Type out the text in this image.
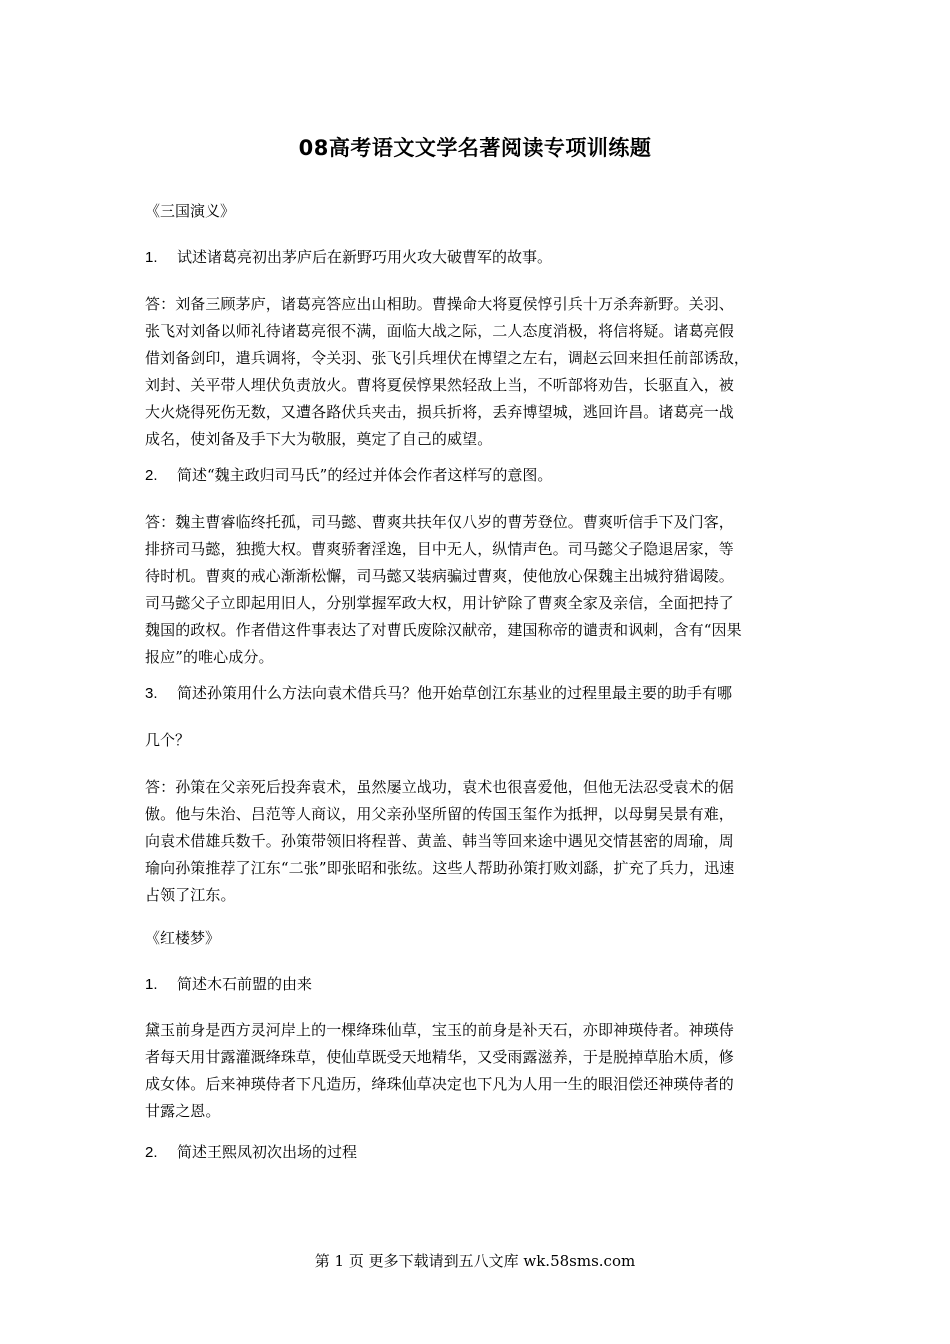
08高考语文文学名著阅读专项训练题
《三国演义》
1. 试述诸葛亮初出茅庐后在新野巧用火攻大破曹军的故事。
答：刘备三顾茅庐，诸葛亮答应出山相助。曹操命大将夏侯惇引兵十万杀奔新野。关羽、
张飞对刘备以师礼待诸葛亮很不满，面临大战之际，二人态度消极，将信将疑。诸葛亮假
借刘备剑印，遣兵调将，令关羽、张飞引兵埋伏在博望之左右，调赵云回来担任前部诱敌，
刘封、关平带人埋伏负责放火。曹将夏侯惇果然轻敌上当，不听部将劝告，长驱直入，被
大火烧得死伤无数，又遭各路伏兵夹击，损兵折将，丢弃博望城，逃回许昌。诸葛亮一战
成名，使刘备及手下大为敬服，奠定了自己的威望。
2. 简述“魏主政归司马氏”的经过并体会作者这样写的意图。
答：魏主曹睿临终托孤，司马懿、曹爽共扶年仅八岁的曹芳登位。曹爽听信手下及门客，
排挤司马懿，独揽大权。曹爽骄奢淫逸，目中无人，纵情声色。司马懿父子隐退居家，等
待时机。曹爽的戒心渐渐松懈，司马懿又装病骗过曹爽，使他放心保魏主出城狩猎谒陵。
司马懿父子立即起用旧人，分别掌握军政大权，用计铲除了曹爽全家及亲信，全面把持了
魏国的政权。作者借这件事表达了对曹氏废除汉献帝，建国称帝的谴责和讽刺，含有“因果
报应”的唯心成分。
3. 简述孙策用什么方法向袁术借兵马？他开始草创江东基业的过程里最主要的助手有哪
几个？
答：孙策在父亲死后投奔袁术，虽然屡立战功，袁术也很喜爱他，但他无法忍受袁术的倨
傲。他与朱治、吕范等人商议，用父亲孙坚所留的传国玉玺作为抵押，以母舅吴景有难，
向袁术借雄兵数千。孙策带领旧将程普、黄盖、韩当等回来途中遇见交情甚密的周瑜，周
瑜向孙策推荐了江东“二张”即张昭和张纮。这些人帮助孙策打败刘繇，扩充了兵力，迅速
占领了江东。
《红楼梦》
1. 简述木石前盟的由来
黛玉前身是西方灵河岸上的一棵绛珠仙草，宝玉的前身是补天石，亦即神瑛侍者。神瑛侍
者每天用甘露灌溉绛珠草，使仙草既受天地精华，又受雨露滋养，于是脱掉草胎木质，修
成女体。后来神瑛侍者下凡造历，绛珠仙草决定也下凡为人用一生的眼泪偿还神瑛侍者的
甘露之恩。
2. 简述王熙凤初次出场的过程
第 1 页 更多下载请到五八文库 wk.58sms.com
